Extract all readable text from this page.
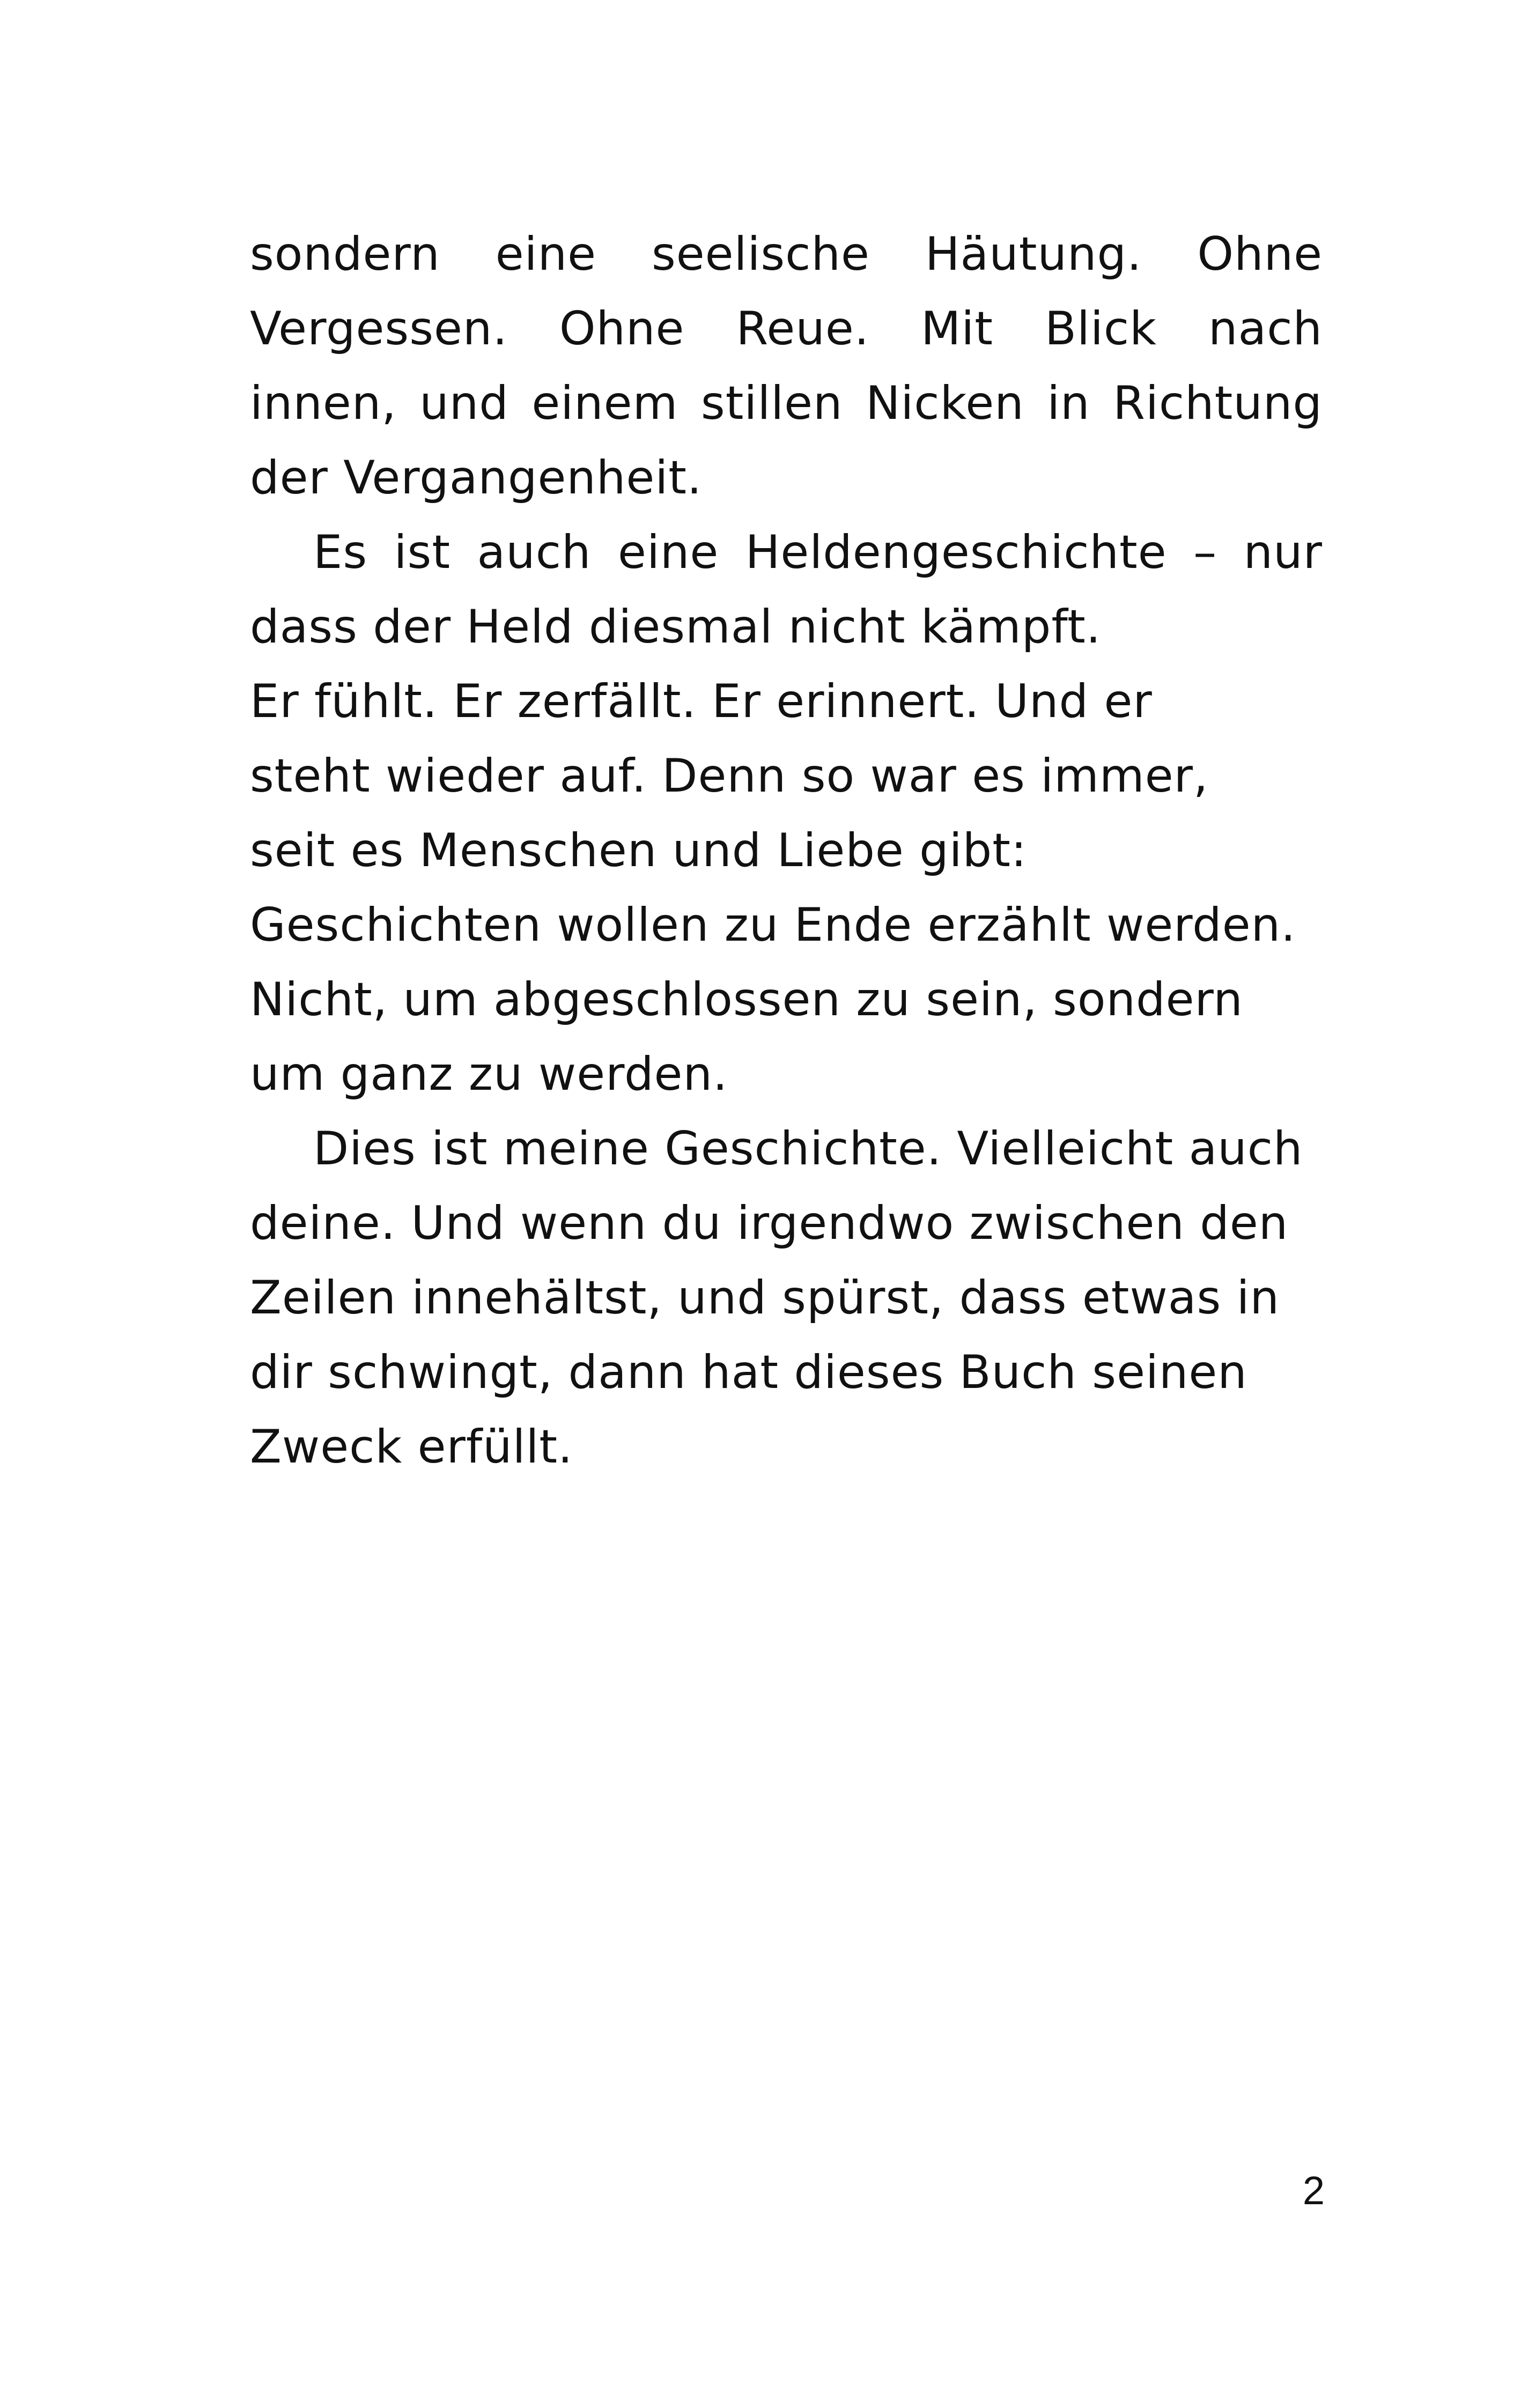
sondern eine seelische Häutung. Ohne
Vergessen. Ohne Reue. Mit Blick nach
innen, und einem stillen Nicken in Richtung
der Vergangenheit.
Es ist auch eine Heldengeschichte – nur
dass der Held diesmal nicht kämpft.
Er fühlt. Er zerfällt. Er erinnert. Und er
steht wieder auf. Denn so war es immer,
seit es Menschen und Liebe gibt:
Geschichten wollen zu Ende erzählt werden.
Nicht, um abgeschlossen zu sein, sondern
um ganz zu werden.
Dies ist meine Geschichte. Vielleicht auch
deine. Und wenn du irgendwo zwischen den
Zeilen innehältst, und spürst, dass etwas in
dir schwingt, dann hat dieses Buch seinen
Zweck erfüllt.
2
